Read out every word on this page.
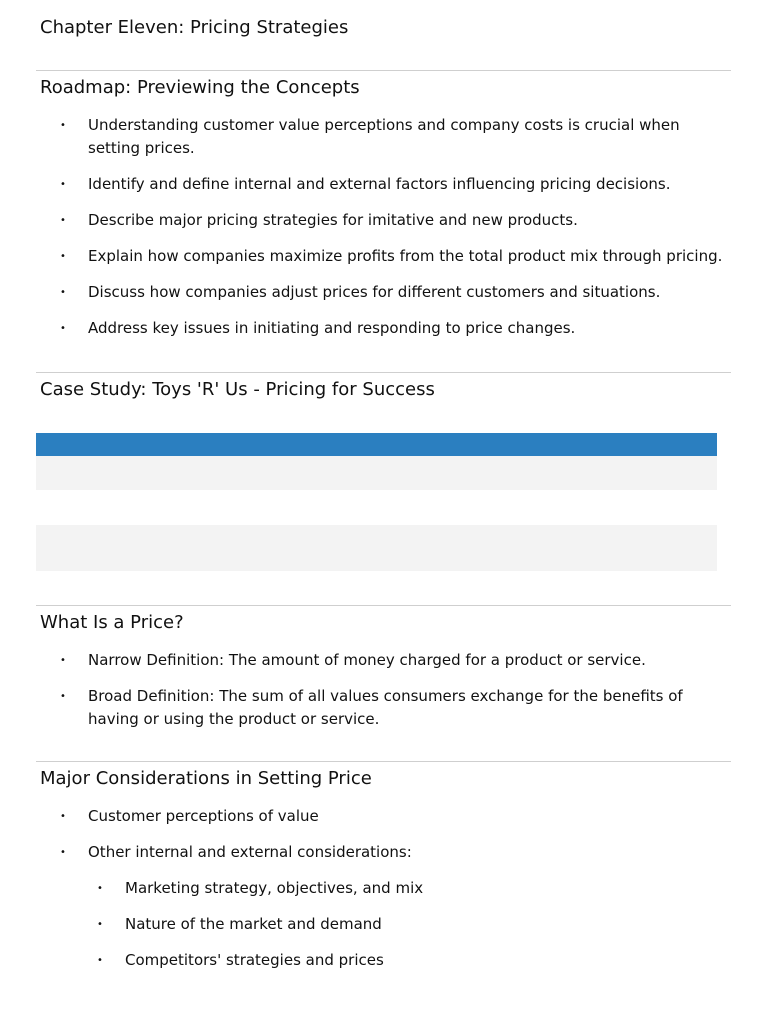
Chapter Eleven: Pricing Strategies
Roadmap: Previewing the Concepts
• Understanding customer value perceptions and company costs is crucial when setting prices.
• Identify and define internal and external factors influencing pricing decisions.
• Describe major pricing strategies for imitative and new products.
• Explain how companies maximize profits from the total product mix through pricing.
• Discuss how companies adjust prices for different customers and situations.
• Address key issues in initiating and responding to price changes.
Case Study: Toys 'R' Us - Pricing for Success
What Is a Price?
• Narrow Definition: The amount of money charged for a product or service.
• Broad Definition: The sum of all values consumers exchange for the benefits of having or using the product or service.
Major Considerations in Setting Price
• Customer perceptions of value
• Other internal and external considerations:
• Marketing strategy, objectives, and mix
• Nature of the market and demand
• Competitors' strategies and prices
